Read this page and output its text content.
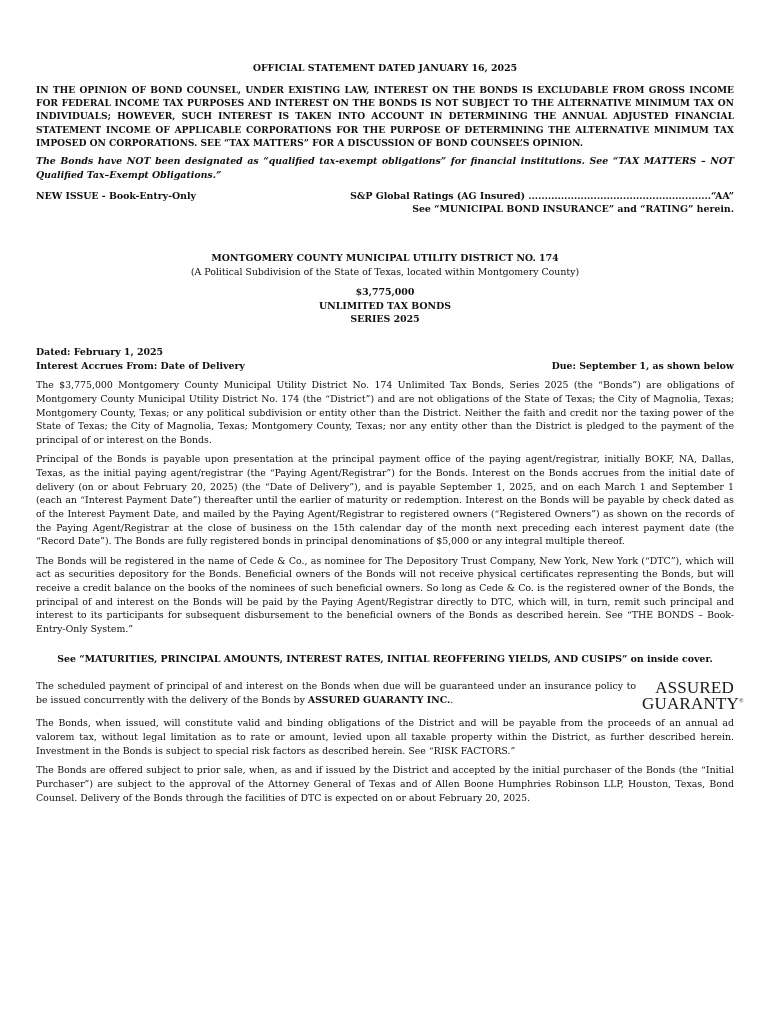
OFFICIAL STATEMENT DATED JANUARY 16, 2025

IN THE OPINION OF BOND COUNSEL, UNDER EXISTING LAW, INTEREST ON THE BONDS IS EXCLUDABLE FROM GROSS INCOME FOR FEDERAL INCOME TAX PURPOSES AND INTEREST ON THE BONDS IS NOT SUBJECT TO THE ALTERNATIVE MINIMUM TAX ON INDIVIDUALS; HOWEVER, SUCH INTEREST IS TAKEN INTO ACCOUNT IN DETERMINING THE ANNUAL ADJUSTED FINANCIAL STATEMENT INCOME OF APPLICABLE CORPORATIONS FOR THE PURPOSE OF DETERMINING THE ALTERNATIVE MINIMUM TAX IMPOSED ON CORPORATIONS. SEE “TAX MATTERS” FOR A DISCUSSION OF BOND COUNSEL’S OPINION.

The Bonds have NOT been designated as “qualified tax-exempt obligations” for financial institutions. See “TAX MATTERS – NOT Qualified Tax–Exempt Obligations.”

NEW ISSUE - Book-Entry-Only	S&P Global Ratings (AG Insured) ........................................................“AA”
See “MUNICIPAL BOND INSURANCE” and “RATING” herein.
MONTGOMERY COUNTY MUNICIPAL UTILITY DISTRICT NO. 174
(A Political Subdivision of the State of Texas, located within Montgomery County)
$3,775,000
UNLIMITED TAX BONDS
SERIES 2025
Dated: February 1, 2025
Interest Accrues From: Date of Delivery	Due: September 1, as shown below

The $3,775,000 Montgomery County Municipal Utility District No. 174 Unlimited Tax Bonds, Series 2025 (the “Bonds”) are obligations of Montgomery County Municipal Utility District No. 174 (the “District”) and are not obligations of the State of Texas; the City of Magnolia, Texas; Montgomery County, Texas; or any political subdivision or entity other than the District. Neither the faith and credit nor the taxing power of the State of Texas; the City of Magnolia, Texas; Montgomery County, Texas; nor any entity other than the District is pledged to the payment of the principal of or interest on the Bonds.

Principal of the Bonds is payable upon presentation at the principal payment office of the paying agent/registrar, initially BOKF, NA, Dallas, Texas, as the initial paying agent/registrar (the “Paying Agent/Registrar”) for the Bonds. Interest on the Bonds accrues from the initial date of delivery (on or about February 20, 2025) (the “Date of Delivery”), and is payable September 1, 2025, and on each March 1 and September 1 (each an “Interest Payment Date”) thereafter until the earlier of maturity or redemption. Interest on the Bonds will be payable by check dated as of the Interest Payment Date, and mailed by the Paying Agent/Registrar to registered owners (“Registered Owners”) as shown on the records of the Paying Agent/Registrar at the close of business on the 15th calendar day of the month next preceding each interest payment date (the “Record Date”). The Bonds are fully registered bonds in principal denominations of $5,000 or any integral multiple thereof.

The Bonds will be registered in the name of Cede & Co., as nominee for The Depository Trust Company, New York, New York (“DTC”), which will act as securities depository for the Bonds. Beneficial owners of the Bonds will not receive physical certificates representing the Bonds, but will receive a credit balance on the books of the nominees of such beneficial owners. So long as Cede & Co. is the registered owner of the Bonds, the principal of and interest on the Bonds will be paid by the Paying Agent/Registrar directly to DTC, which will, in turn, remit such principal and interest to its participants for subsequent disbursement to the beneficial owners of the Bonds as described herein. See “THE BONDS – Book-Entry-Only System.”

See “MATURITIES, PRINCIPAL AMOUNTS, INTEREST RATES, INITIAL REOFFERING YIELDS, AND CUSIPS” on inside cover.

The scheduled payment of principal of and interest on the Bonds when due will be guaranteed under an insurance policy to be issued concurrently with the delivery of the Bonds by ASSURED GUARANTY INC..

ASSURED
GUARANTY®

The Bonds, when issued, will constitute valid and binding obligations of the District and will be payable from the proceeds of an annual ad valorem tax, without legal limitation as to rate or amount, levied upon all taxable property within the District, as further described herein. Investment in the Bonds is subject to special risk factors as described herein. See “RISK FACTORS.”

The Bonds are offered subject to prior sale, when, as and if issued by the District and accepted by the initial purchaser of the Bonds (the “Initial Purchaser”) are subject to the approval of the Attorney General of Texas and of Allen Boone Humphries Robinson LLP, Houston, Texas, Bond Counsel. Delivery of the Bonds through the facilities of DTC is expected on or about February 20, 2025.
